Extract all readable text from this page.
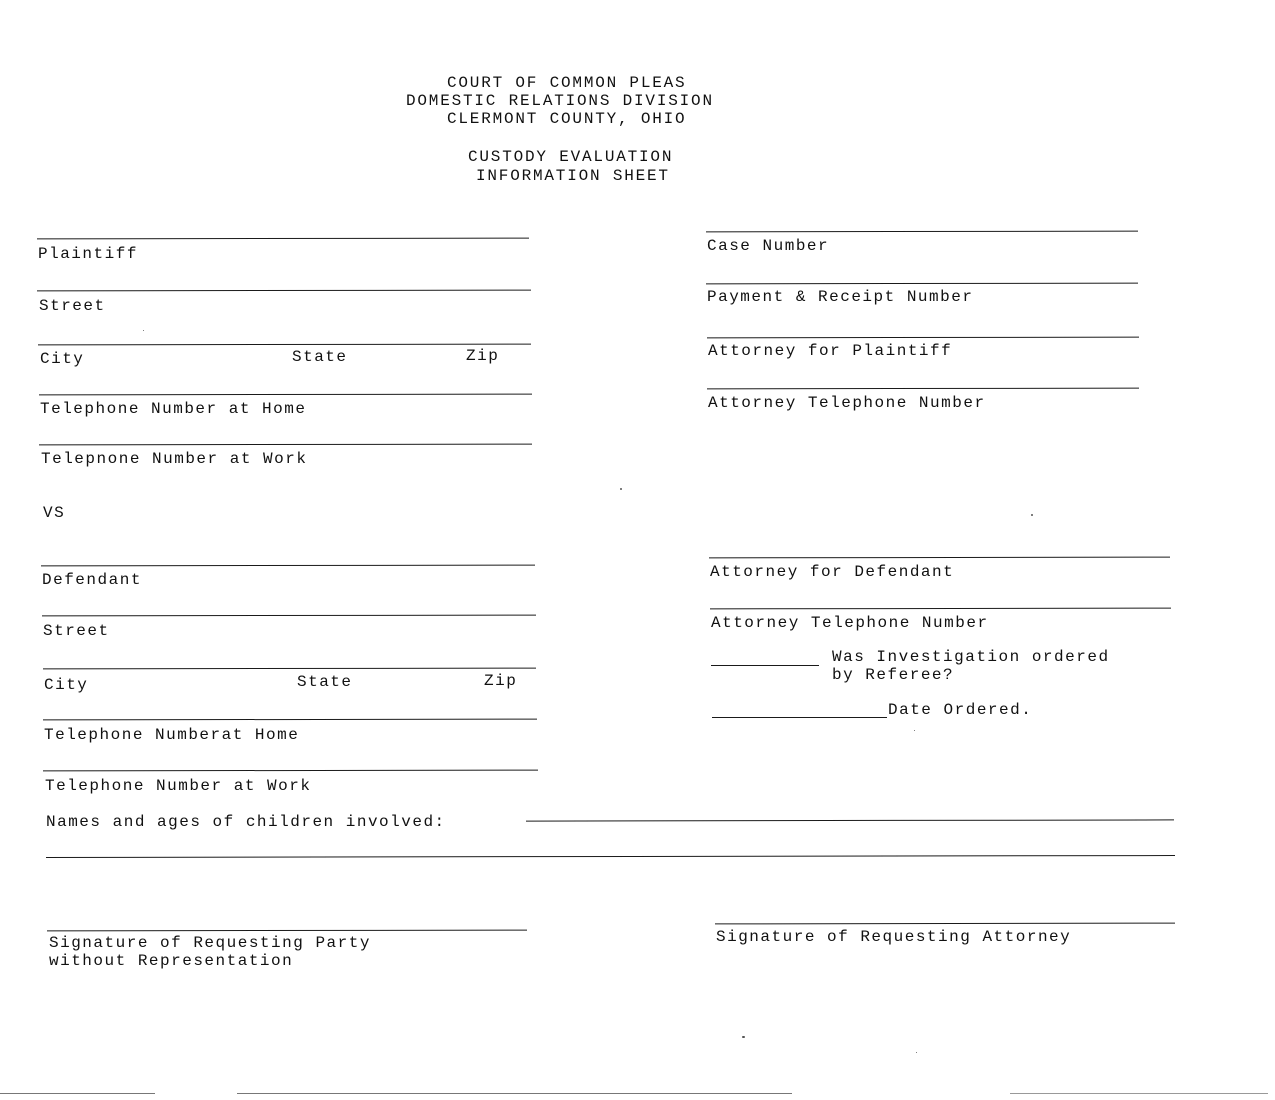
COURT OF COMMON PLEAS
DOMESTIC RELATIONS DIVISION
CLERMONT COUNTY, OHIO
CUSTODY EVALUATION
INFORMATION SHEET
Plaintiff
Street
City	State	Zip
Telephone Number at Home
Telepnone Number at Work
VS
Defendant
Street
City	State	Zip
Telephone Numberat Home
Telephone Number at Work
Case Number
Payment & Receipt Number
Attorney for Plaintiff
Attorney Telephone Number
Attorney for Defendant
Attorney Telephone Number
Was Investigation ordered
by Referee?
Date Ordered.
Names and ages of children involved:
Signature of Requesting Party
without Representation
Signature of Requesting Attorney
